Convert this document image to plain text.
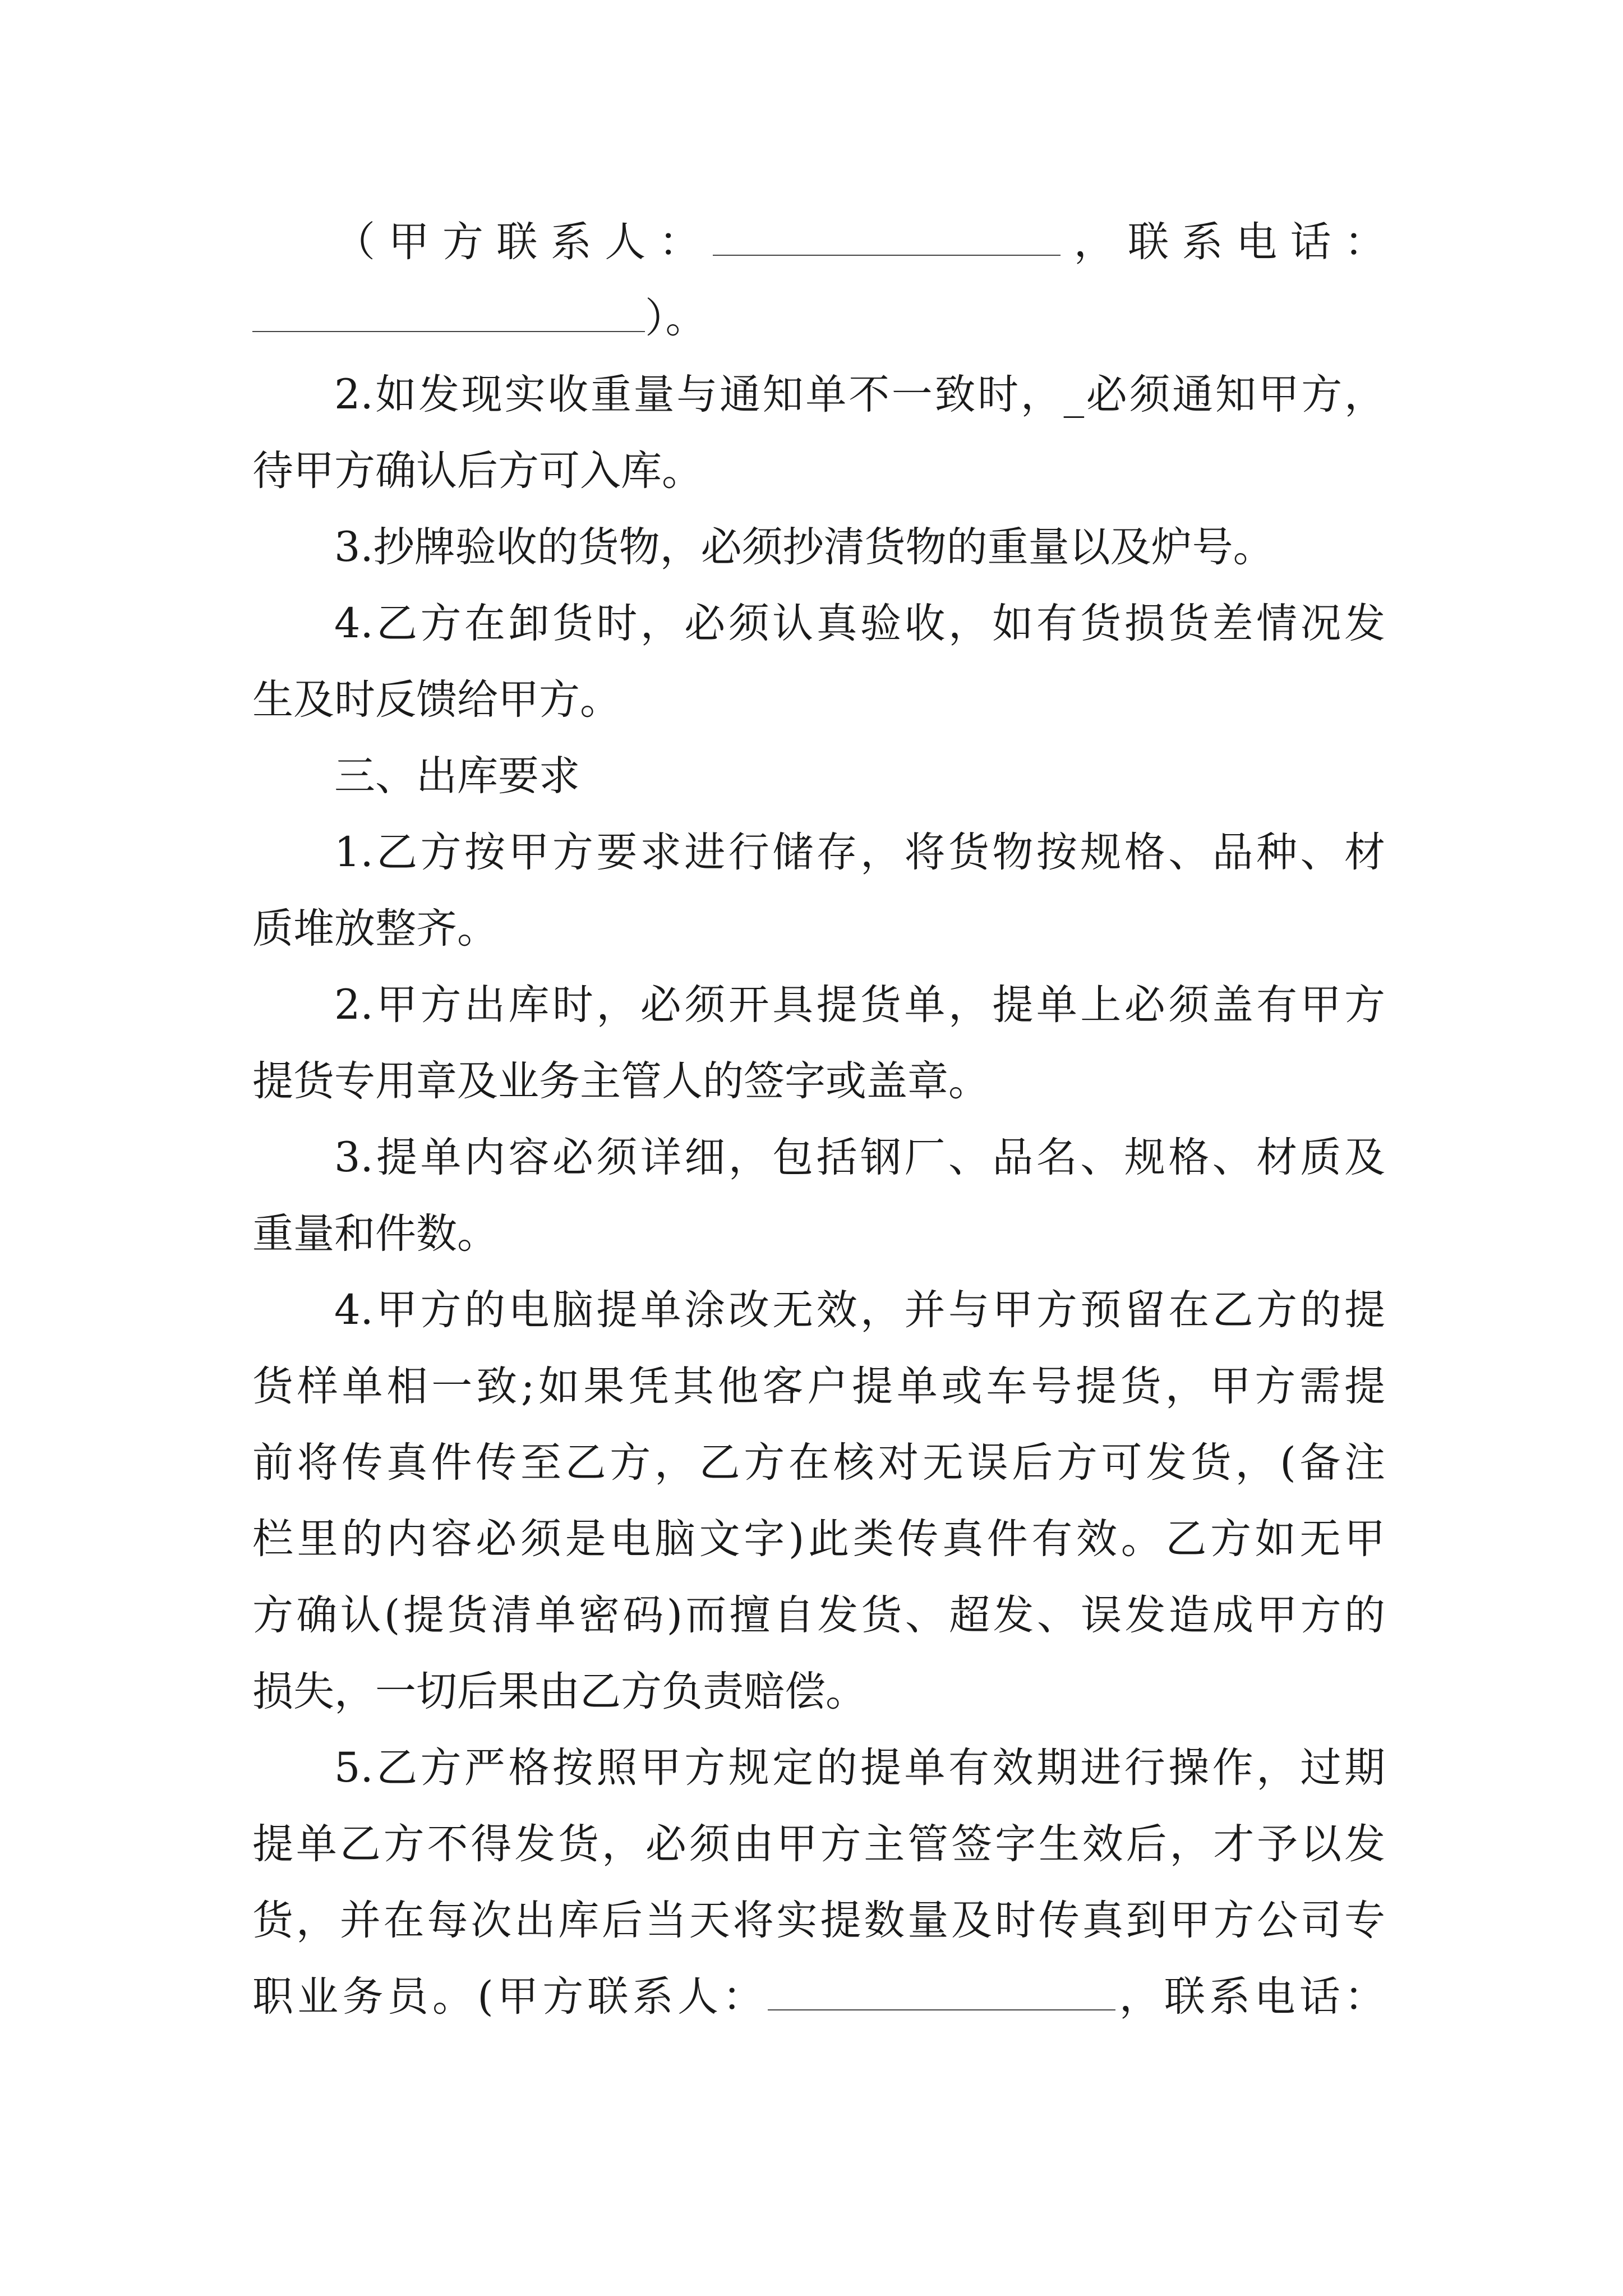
（甲方联系人：	，联系电话：
）。
2.如发现实收重量与通知单不一致时，_必须通知甲方，
待甲方确认后方可入库。
3.抄牌验收的货物，必须抄清货物的重量以及炉号。
4.乙方在卸货时，必须认真验收，如有货损货差情况发
生及时反馈给甲方。
三、出库要求
1.乙方按甲方要求进行储存，将货物按规格、品种、材
质堆放整齐。
2.甲方出库时，必须开具提货单，提单上必须盖有甲方
提货专用章及业务主管人的签字或盖章。
3.提单内容必须详细，包括钢厂、品名、规格、材质及
重量和件数。
4.甲方的电脑提单涂改无效，并与甲方预留在乙方的提
货样单相一致;如果凭其他客户提单或车号提货，甲方需提
前将传真件传至乙方，乙方在核对无误后方可发货，(备注
栏里的内容必须是电脑文字)此类传真件有效。乙方如无甲
方确认(提货清单密码)而擅自发货、超发、误发造成甲方的
损失，一切后果由乙方负责赔偿。
5.乙方严格按照甲方规定的提单有效期进行操作，过期
提单乙方不得发货，必须由甲方主管签字生效后，才予以发
货，并在每次出库后当天将实提数量及时传真到甲方公司专
职业务员。(甲方联系人：	，联系电话：
